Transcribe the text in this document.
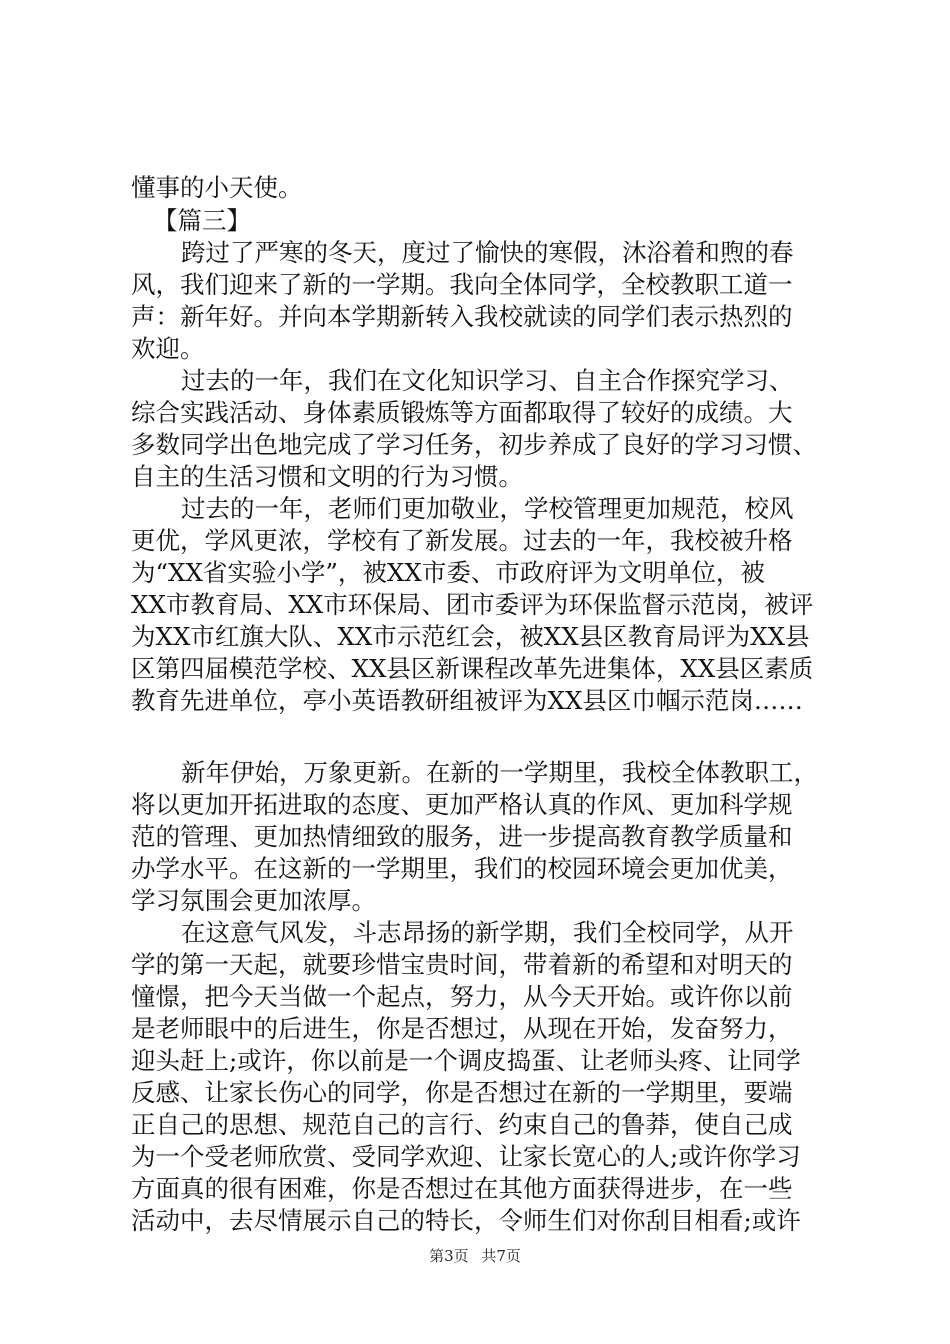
懂事的小天使。
【篇三】
跨过了严寒的冬天，度过了愉快的寒假，沐浴着和煦的春
风，我们迎来了新的一学期。我向全体同学，全校教职工道一
声：新年好。并向本学期新转入我校就读的同学们表示热烈的
欢迎。
过去的一年，我们在文化知识学习、自主合作探究学习、
综合实践活动、身体素质锻炼等方面都取得了较好的成绩。大
多数同学出色地完成了学习任务，初步养成了良好的学习习惯、
自主的生活习惯和文明的行为习惯。
过去的一年，老师们更加敬业，学校管理更加规范，校风
更优，学风更浓，学校有了新发展。过去的一年，我校被升格
为“XX省实验小学”，被XX市委、市政府评为文明单位，被
XX市教育局、XX市环保局、团市委评为环保监督示范岗，被评
为XX市红旗大队、XX市示范红会，被XX县区教育局评为XX县
区第四届模范学校、XX县区新课程改革先进集体，XX县区素质
教育先进单位，亭小英语教研组被评为XX县区巾帼示范岗……
新年伊始，万象更新。在新的一学期里，我校全体教职工，
将以更加开拓进取的态度、更加严格认真的作风、更加科学规
范的管理、更加热情细致的服务，进一步提高教育教学质量和
办学水平。在这新的一学期里，我们的校园环境会更加优美，
学习氛围会更加浓厚。
在这意气风发，斗志昂扬的新学期，我们全校同学，从开
学的第一天起，就要珍惜宝贵时间，带着新的希望和对明天的
憧憬，把今天当做一个起点，努力，从今天开始。或许你以前
是老师眼中的后进生，你是否想过，从现在开始，发奋努力，
迎头赶上;或许，你以前是一个调皮捣蛋、让老师头疼、让同学
反感、让家长伤心的同学，你是否想过在新的一学期里，要端
正自己的思想、规范自己的言行、约束自己的鲁莽，使自己成
为一个受老师欣赏、受同学欢迎、让家长宽心的人;或许你学习
方面真的很有困难，你是否想过在其他方面获得进步，在一些
活动中，去尽情展示自己的特长，令师生们对你刮目相看;或许
第3页 共7页
